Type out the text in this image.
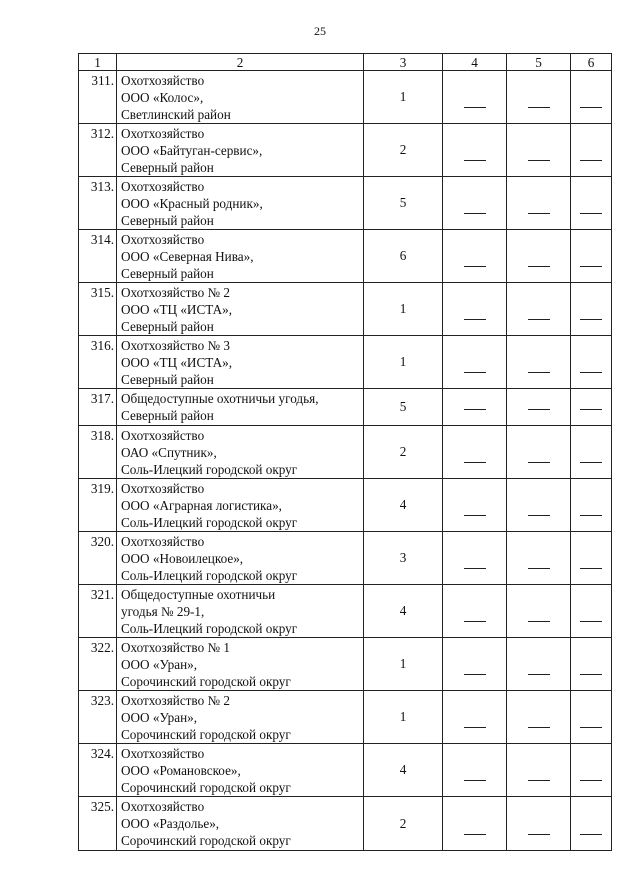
25
1	2	3	4	5	6
311.	Охотхозяйство
ООО «Колос»,
Светлинский район	1	

312.	Охотхозяйство
ООО «Байтуган-сервис»,
Северный район	2	

313.	Охотхозяйство
ООО «Красный родник»,
Северный район	5	

314.	Охотхозяйство
ООО «Северная Нива»,
Северный район	6	

315.	Охотхозяйство № 2
ООО «ТЦ «ИСТА»,
Северный район	1	

316.	Охотхозяйство № 3
ООО «ТЦ «ИСТА»,
Северный район	1	

317.	Общедоступные охотничьи угодья,
Северный район	5	

318.	Охотхозяйство
ОАО «Спутник»,
Соль-Илецкий городской округ	2	

319.	Охотхозяйство
ООО «Аграрная логистика»,
Соль-Илецкий городской округ	4	

320.	Охотхозяйство
ООО «Новоилецкое»,
Соль-Илецкий городской округ	3	

321.	Общедоступные охотничьи
угодья № 29-1,
Соль-Илецкий городской округ	4	

322.	Охотхозяйство № 1
ООО «Уран»,
Сорочинский городской округ	1	

323.	Охотхозяйство № 2
ООО «Уран»,
Сорочинский городской округ	1	

324.	Охотхозяйство
ООО «Романовское»,
Сорочинский городской округ	4	

325.	Охотхозяйство
ООО «Раздолье»,
Сорочинский городской округ	2	
